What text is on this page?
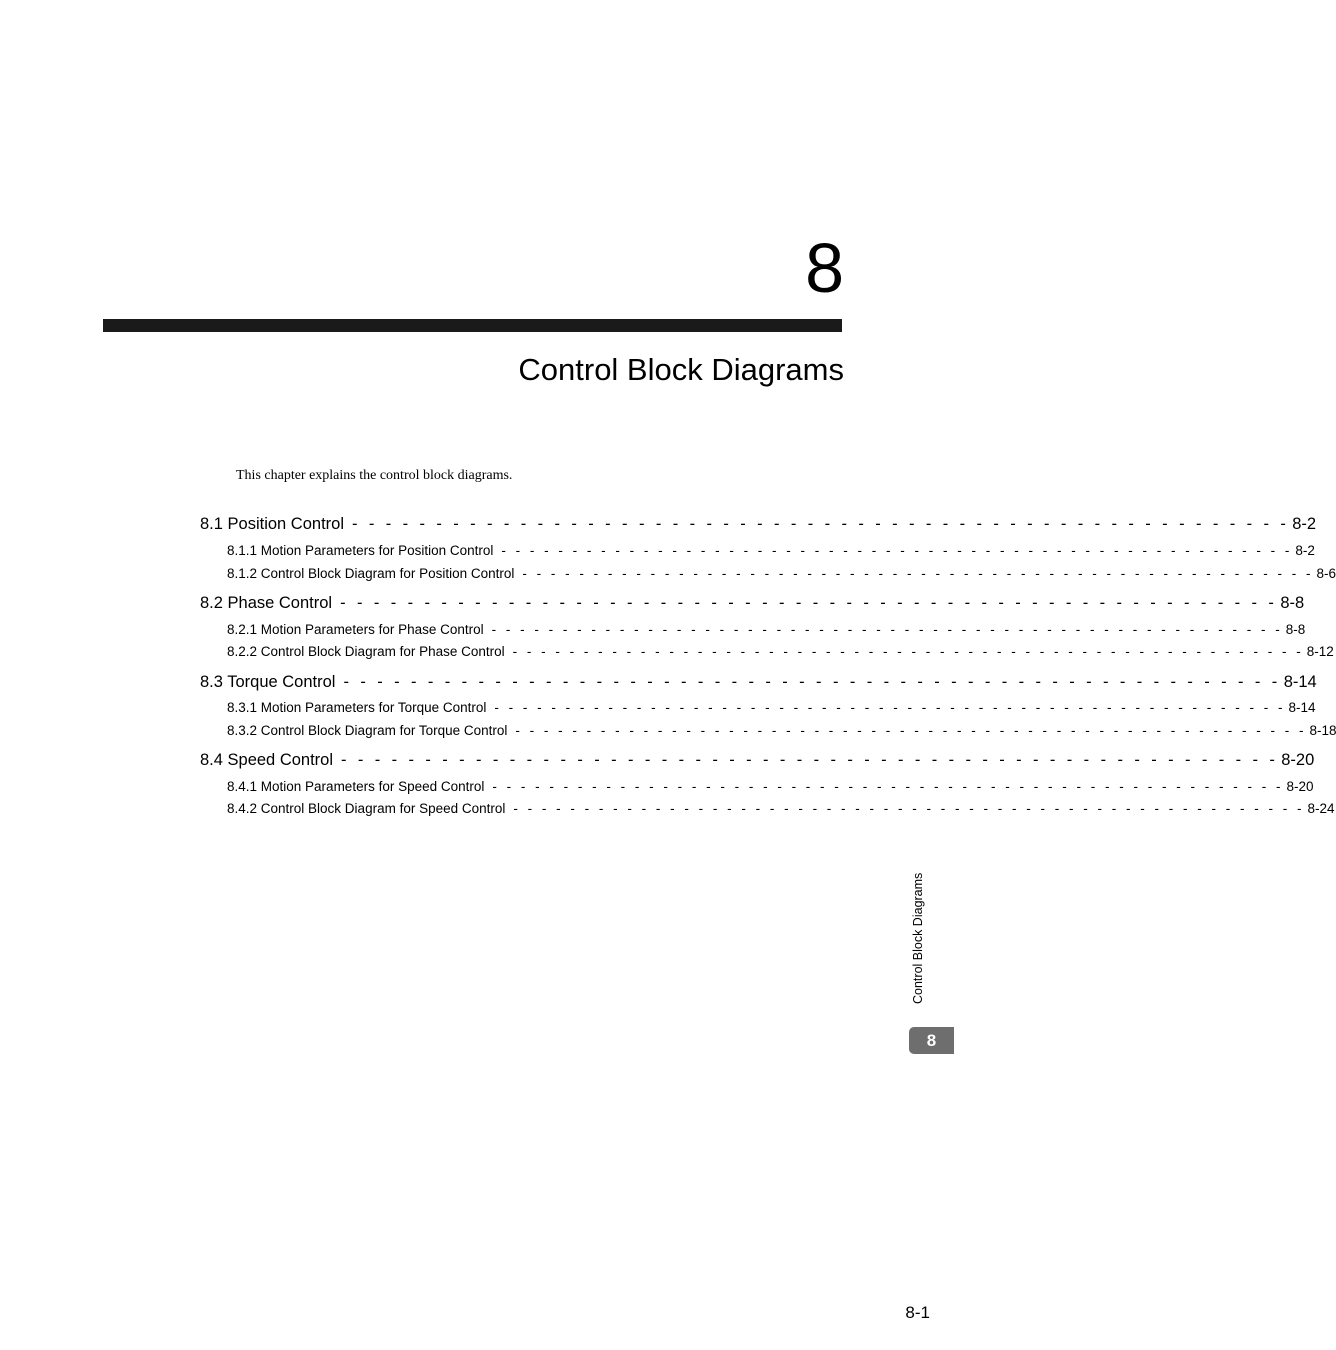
8
Control Block Diagrams
This chapter explains the control block diagrams.
8.1 Position Control - - - - - - - - - - - - - - - - - - - - - - - - - - - - - - - - - - - - - - - - - - - - - - - - - - - - - - - - 8-2
8.1.1 Motion Parameters for Position Control - - - - - - - - - - - - - - - - - - - - - - - - - - - - - - - - - - - - - - - - - - - - - - - - - - - - - - - - 8-2
8.1.2 Control Block Diagram for Position Control - - - - - - - - - - - - - - - - - - - - - - - - - - - - - - - - - - - - - - - - - - - - - - - - - - - - - - - - 8-6
8.2 Phase Control - - - - - - - - - - - - - - - - - - - - - - - - - - - - - - - - - - - - - - - - - - - - - - - - - - - - - - - - 8-8
8.2.1 Motion Parameters for Phase Control - - - - - - - - - - - - - - - - - - - - - - - - - - - - - - - - - - - - - - - - - - - - - - - - - - - - - - - - 8-8
8.2.2 Control Block Diagram for Phase Control - - - - - - - - - - - - - - - - - - - - - - - - - - - - - - - - - - - - - - - - - - - - - - - - - - - - - - - - 8-12
8.3 Torque Control - - - - - - - - - - - - - - - - - - - - - - - - - - - - - - - - - - - - - - - - - - - - - - - - - - - - - - - - 8-14
8.3.1 Motion Parameters for Torque Control - - - - - - - - - - - - - - - - - - - - - - - - - - - - - - - - - - - - - - - - - - - - - - - - - - - - - - - - 8-14
8.3.2 Control Block Diagram for Torque Control - - - - - - - - - - - - - - - - - - - - - - - - - - - - - - - - - - - - - - - - - - - - - - - - - - - - - - - - 8-18
8.4 Speed Control - - - - - - - - - - - - - - - - - - - - - - - - - - - - - - - - - - - - - - - - - - - - - - - - - - - - - - - - 8-20
8.4.1 Motion Parameters for Speed Control - - - - - - - - - - - - - - - - - - - - - - - - - - - - - - - - - - - - - - - - - - - - - - - - - - - - - - - - 8-20
8.4.2 Control Block Diagram for Speed Control - - - - - - - - - - - - - - - - - - - - - - - - - - - - - - - - - - - - - - - - - - - - - - - - - - - - - - - - 8-24
Control Block Diagrams
8
8-1
